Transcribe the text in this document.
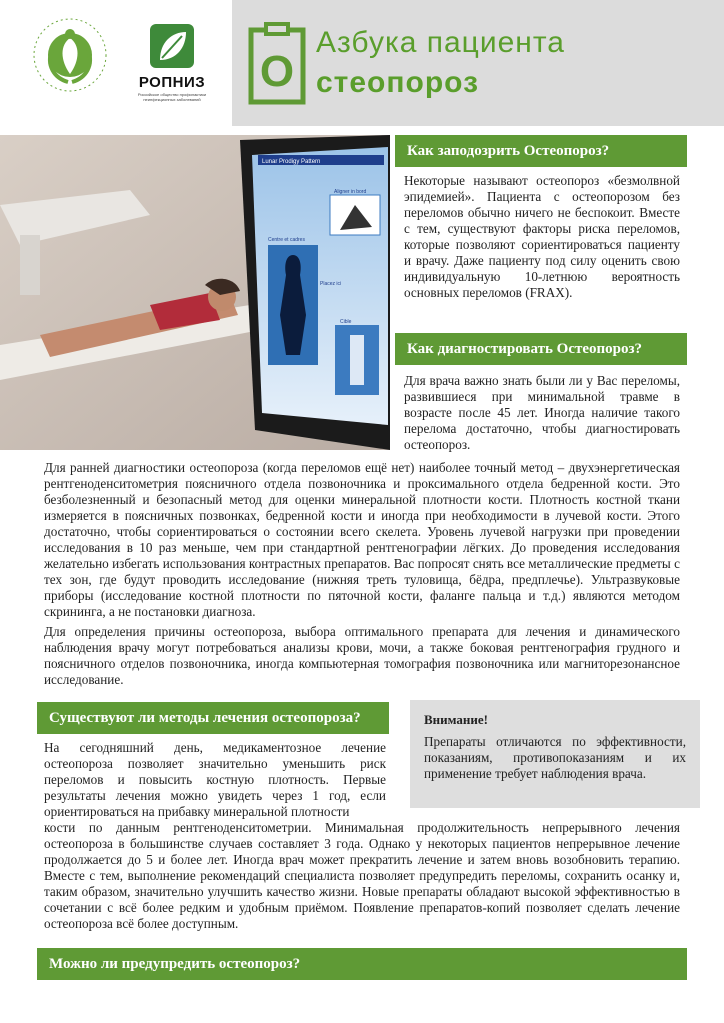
РОПНИЗ
Российское общество профилактики неинфекционных заболеваний
О
Азбука пациента
стеопороз
Lunar Prodigy Pattern
Aligner in bord
Centre et cadres
Placez ici
Cible
Как заподозрить Остеопороз?

Некоторые называют остеопороз «безмолвной эпидемией». Пациента с остеопорозом без переломов обычно ничего не беспокоит. Вместе с тем, существуют факторы риска переломов, которые позволяют сориентироваться пациенту и врачу. Даже пациенту под силу оценить свою индивидуальную 10-летнюю вероятность основных переломов (FRAX).

Как диагностировать Остеопороз?

Для врача важно знать были ли у Вас переломы, развившиеся при минимальной травме в возрасте после 45 лет. Иногда наличие такого перелома достаточно, чтобы диагностировать остеопороз.

Для ранней диагностики остеопороза (когда переломов ещё нет) наиболее точный метод – двухэнергетическая рентгеноденситометрия поясничного отдела позвоночника и проксимального отдела бедренной кости. Это безболезненный и безопасный метод для оценки минеральной плотности кости. Плотность костной ткани измеряется в поясничных позвонках, бедренной кости и иногда при необходимости в лучевой кости. Этого достаточно, чтобы сориентироваться о состоянии всего скелета. Уровень лучевой нагрузки при проведении исследования в 10 раз меньше, чем при стандартной рентгенографии лёгких. До проведения исследования желательно избегать использования контрастных препаратов. Вас попросят снять все металлические предметы с тех зон, где будут проводить исследование (нижняя треть туловища, бёдра, предплечье). Ультразвуковые приборы (исследование костной плотности по пяточной кости, фаланге пальца и т.д.) являются методом скрининга, а не постановки диагноза.

Для определения причины остеопороза, выбора оптимального препарата для лечения и динамического наблюдения врачу могут потребоваться анализы крови, мочи, а также боковая рентгенография грудного и поясничного отделов позвоночника, иногда компьютерная томография позвоночника или магниторезонансное исследование.

Существуют ли методы лечения остеопороза?

На сегодняшний день, медикаментозное лечение остеопороза позволяет значительно уменьшить риск переломов и повысить костную плотность. Первые результаты лечения можно увидеть через 1 год, если ориентироваться на прибавку минеральной плотности

Внимание!

Препараты отличаются по эффективности, показаниям, противопоказаниям и их применение требует наблюдения врача.

кости по данным рентгеноденситометрии. Минимальная продолжительность непрерывного лечения остеопороза в большинстве случаев составляет 3 года. Однако у некоторых пациентов непрерывное лечение продолжается до 5 и более лет. Иногда врач может прекратить лечение и затем вновь возобновить терапию. Вместе с тем, выполнение рекомендаций специалиста позволяет предупредить переломы, сохранить осанку и, таким образом, значительно улучшить качество жизни. Новые препараты обладают высокой эффективностью в сочетании с всё более редким и удобным приёмом. Появление препаратов-копий позволяет сделать лечение остеопороза всё более доступным.

Можно ли предупредить остеопороз?
